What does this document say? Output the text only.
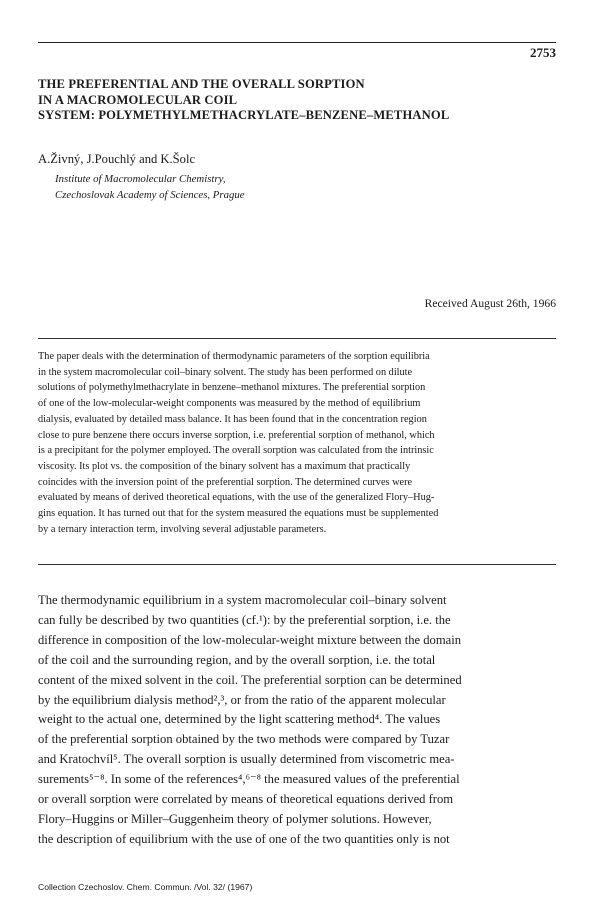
2753
THE PREFERENTIAL AND THE OVERALL SORPTION
IN A MACROMOLECULAR COIL
SYSTEM: POLYMETHYLMETHACRYLATE–BENZENE–METHANOL
A.Živný, J.Pouchlý and K.Šolc
Institute of Macromolecular Chemistry,
Czechoslovak Academy of Sciences, Prague
Received August 26th, 1966
The paper deals with the determination of thermodynamic parameters of the sorption equilibria
in the system macromolecular coil–binary solvent. The study has been performed on dilute
solutions of polymethylmethacrylate in benzene–methanol mixtures. The preferential sorption
of one of the low-molecular-weight components was measured by the method of equilibrium
dialysis, evaluated by detailed mass balance. It has been found that in the concentration region
close to pure benzene there occurs inverse sorption, i.e. preferential sorption of methanol, which
is a precipitant for the polymer employed. The overall sorption was calculated from the intrinsic
viscosity. Its plot vs. the composition of the binary solvent has a maximum that practically
coincides with the inversion point of the preferential sorption. The determined curves were
evaluated by means of derived theoretical equations, with the use of the generalized Flory–Hug-
gins equation. It has turned out that for the system measured the equations must be supplemented
by a ternary interaction term, involving several adjustable parameters.
The thermodynamic equilibrium in a system macromolecular coil–binary solvent
can fully be described by two quantities (cf.¹): by the preferential sorption, i.e. the
difference in composition of the low-molecular-weight mixture between the domain
of the coil and the surrounding region, and by the overall sorption, i.e. the total
content of the mixed solvent in the coil. The preferential sorption can be determined
by the equilibrium dialysis method²,³, or from the ratio of the apparent molecular
weight to the actual one, determined by the light scattering method⁴. The values
of the preferential sorption obtained by the two methods were compared by Tuzar
and Kratochvíl⁵. The overall sorption is usually determined from viscometric mea-
surements⁵⁻⁸. In some of the references⁴,⁶⁻⁸ the measured values of the preferential
or overall sorption were correlated by means of theoretical equations derived from
Flory–Huggins or Miller–Guggenheim theory of polymer solutions. However,
the description of equilibrium with the use of one of the two quantities only is not
Collection Czechoslov. Chem. Commun. /Vol. 32/ (1967)
